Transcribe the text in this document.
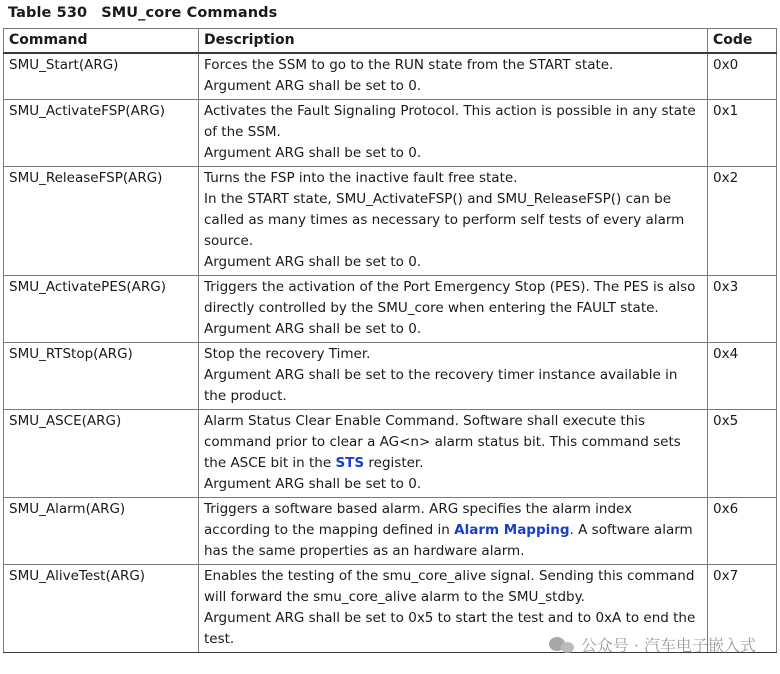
Table 530 SMU_core Commands
Command	Description	Code
SMU_Start(ARG)	Forces the SSM to go to the RUN state from the START state.
Argument ARG shall be set to 0.	0x0
SMU_ActivateFSP(ARG)	Activates the Fault Signaling Protocol. This action is possible in any state of the SSM.
Argument ARG shall be set to 0.	0x1
SMU_ReleaseFSP(ARG)	Turns the FSP into the inactive fault free state.
In the START state, SMU_ActivateFSP() and SMU_ReleaseFSP() can be called as many times as necessary to perform self tests of every alarm source.
Argument ARG shall be set to 0.	0x2
SMU_ActivatePES(ARG)	Triggers the activation of the Port Emergency Stop (PES). The PES is also directly controlled by the SMU_core when entering the FAULT state.
Argument ARG shall be set to 0.	0x3
SMU_RTStop(ARG)	Stop the recovery Timer.
Argument ARG shall be set to the recovery timer instance available in the product.	0x4
SMU_ASCE(ARG)	Alarm Status Clear Enable Command. Software shall execute this command prior to clear a AG<n> alarm status bit. This command sets the ASCE bit in the STS register.
Argument ARG shall be set to 0.	0x5
SMU_Alarm(ARG)	Triggers a software based alarm. ARG specifies the alarm index according to the mapping defined in Alarm Mapping. A software alarm has the same properties as an hardware alarm.	0x6
SMU_AliveTest(ARG)	Enables the testing of the smu_core_alive signal. Sending this command will forward the smu_core_alive alarm to the SMU_stdby.
Argument ARG shall be set to 0x5 to start the test and to 0xA to end the test.	0x7
公众号 · 汽车电子嵌入式
